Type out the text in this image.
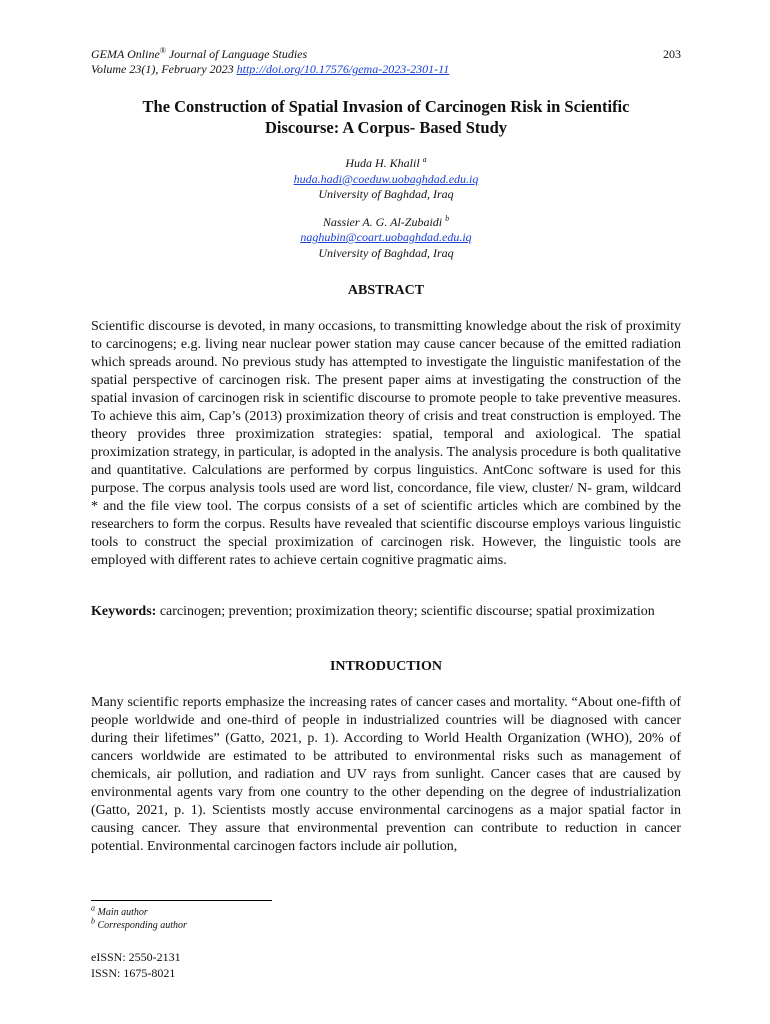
GEMA Online® Journal of Language Studies
Volume 23(1), February 2023 http://doi.org/10.17576/gema-2023-2301-11
203
The Construction of Spatial Invasion of Carcinogen Risk in Scientific
Discourse: A Corpus- Based Study
Huda H. Khalil $^a$
huda.hadi@coeduw.uobaghdad.edu.iq
University of Baghdad, Iraq
Nassier A. G. Al-Zubaidi $^b$
naghubin@coart.uobaghdad.edu.iq
University of Baghdad, Iraq
ABSTRACT
Scientific discourse is devoted, in many occasions, to transmitting knowledge about the risk of proximity to carcinogens; e.g. living near nuclear power station may cause cancer because of the emitted radiation which spreads around. No previous study has attempted to investigate the linguistic manifestation of the spatial perspective of carcinogen risk. The present paper aims at investigating the construction of the spatial invasion of carcinogen risk in scientific discourse to promote people to take preventive measures. To achieve this aim, Cap’s (2013) proximization theory of crisis and treat construction is employed. The theory provides three proximization strategies: spatial, temporal and axiological. The spatial proximization strategy, in particular, is adopted in the analysis. The analysis procedure is both qualitative and quantitative. Calculations are performed by corpus linguistics. AntConc software is used for this purpose. The corpus analysis tools used are word list, concordance, file view, cluster/ N- gram, wildcard * and the file view tool. The corpus consists of a set of scientific articles which are combined by the researchers to form the corpus. Results have revealed that scientific discourse employs various linguistic tools to construct the special proximization of carcinogen risk. However, the linguistic tools are employed with different rates to achieve certain cognitive pragmatic aims.
Keywords: carcinogen; prevention; proximization theory; scientific discourse; spatial proximization
INTRODUCTION
Many scientific reports emphasize the increasing rates of cancer cases and mortality. “About one-fifth of people worldwide and one-third of people in industrialized countries will be diagnosed with cancer during their lifetimes” (Gatto, 2021, p. 1). According to World Health Organization (WHO), 20% of cancers worldwide are estimated to be attributed to environmental risks such as management of chemicals, air pollution, and radiation and UV rays from sunlight. Cancer cases that are caused by environmental agents vary from one country to the other depending on the degree of industrialization (Gatto, 2021, p. 1). Scientists mostly accuse environmental carcinogens as a major spatial factor in causing cancer. They assure that environmental prevention can contribute to reduction in cancer potential. Environmental carcinogen factors include air pollution,
$^a$ Main author
$^b$ Corresponding author
eISSN: 2550-2131
ISSN: 1675-8021
